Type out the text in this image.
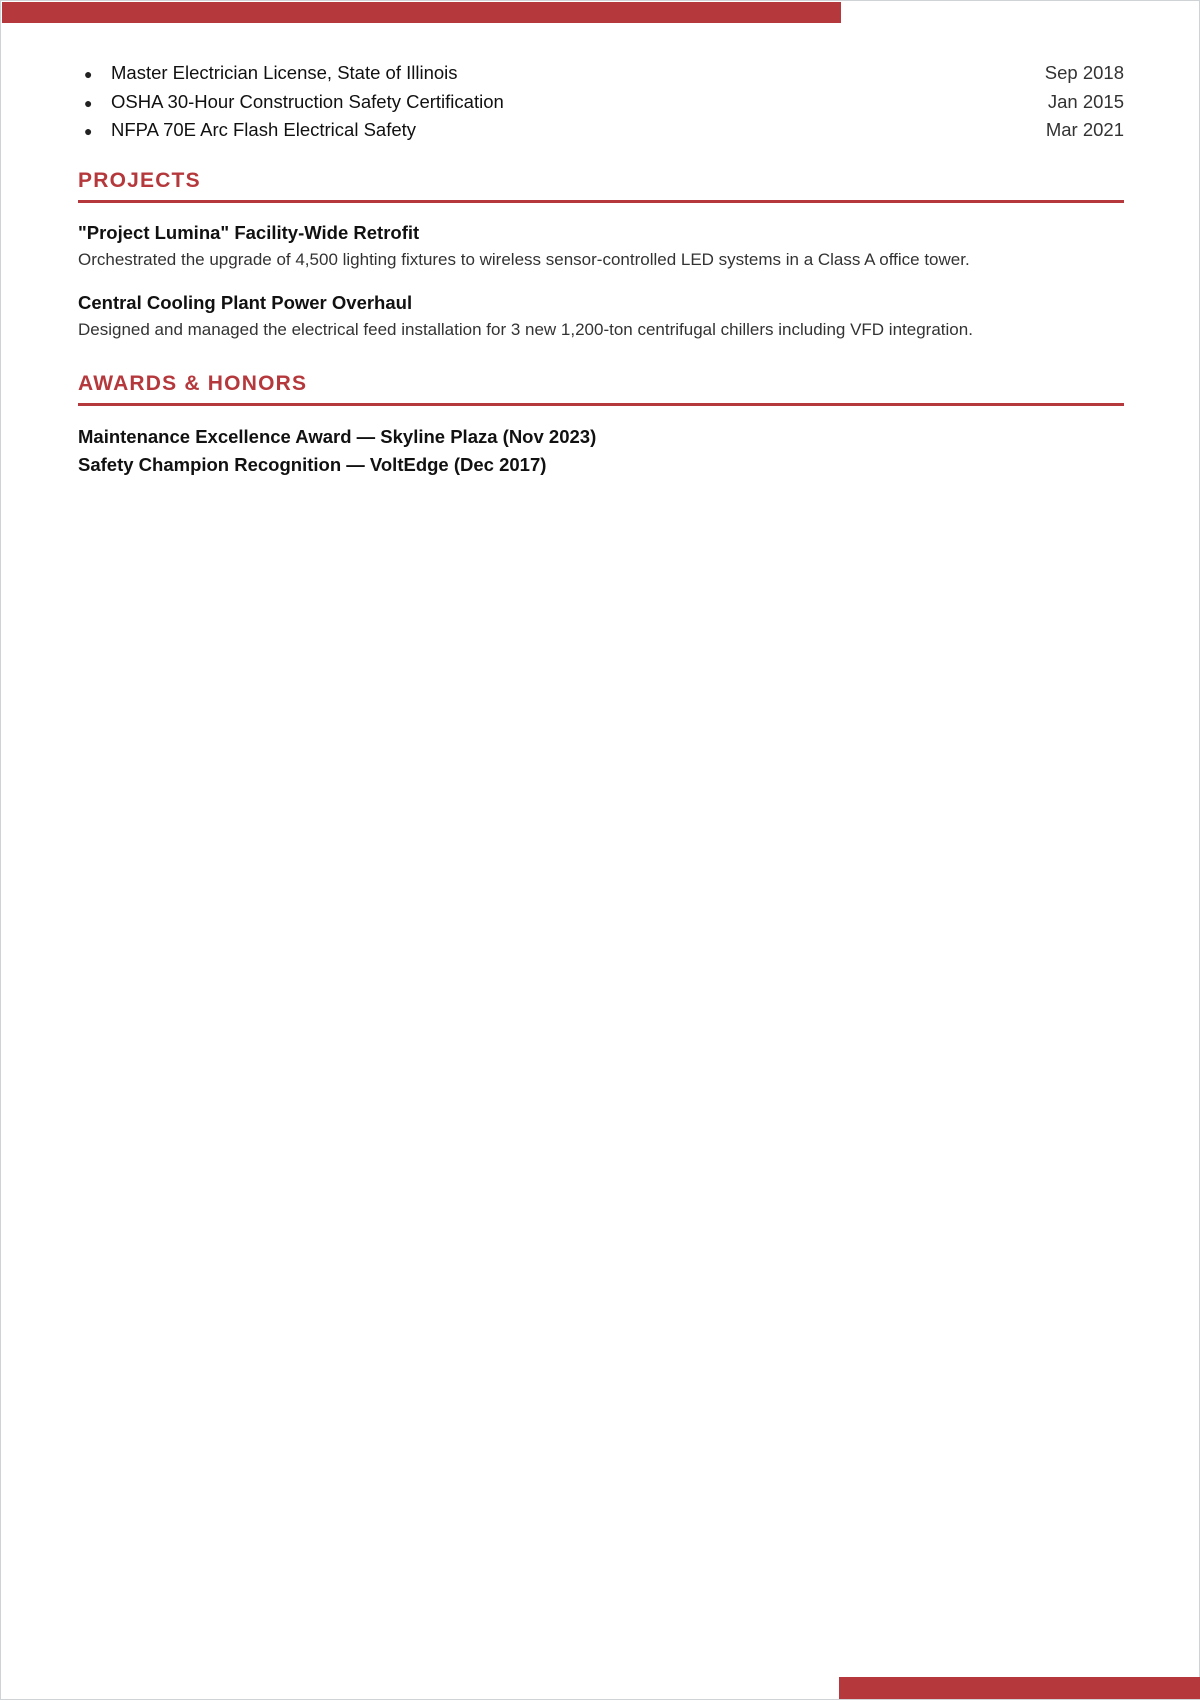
●	Master Electrician License, State of Illinois	Sep 2018
●	OSHA 30-Hour Construction Safety Certification	Jan 2015
●	NFPA 70E Arc Flash Electrical Safety	Mar 2021
PROJECTS
"Project Lumina" Facility-Wide Retrofit
Orchestrated the upgrade of 4,500 lighting fixtures to wireless sensor-controlled LED systems in a Class A office tower.
Central Cooling Plant Power Overhaul
Designed and managed the electrical feed installation for 3 new 1,200-ton centrifugal chillers including VFD integration.
AWARDS & HONORS
Maintenance Excellence Award — Skyline Plaza (Nov 2023)
Safety Champion Recognition — VoltEdge (Dec 2017)
